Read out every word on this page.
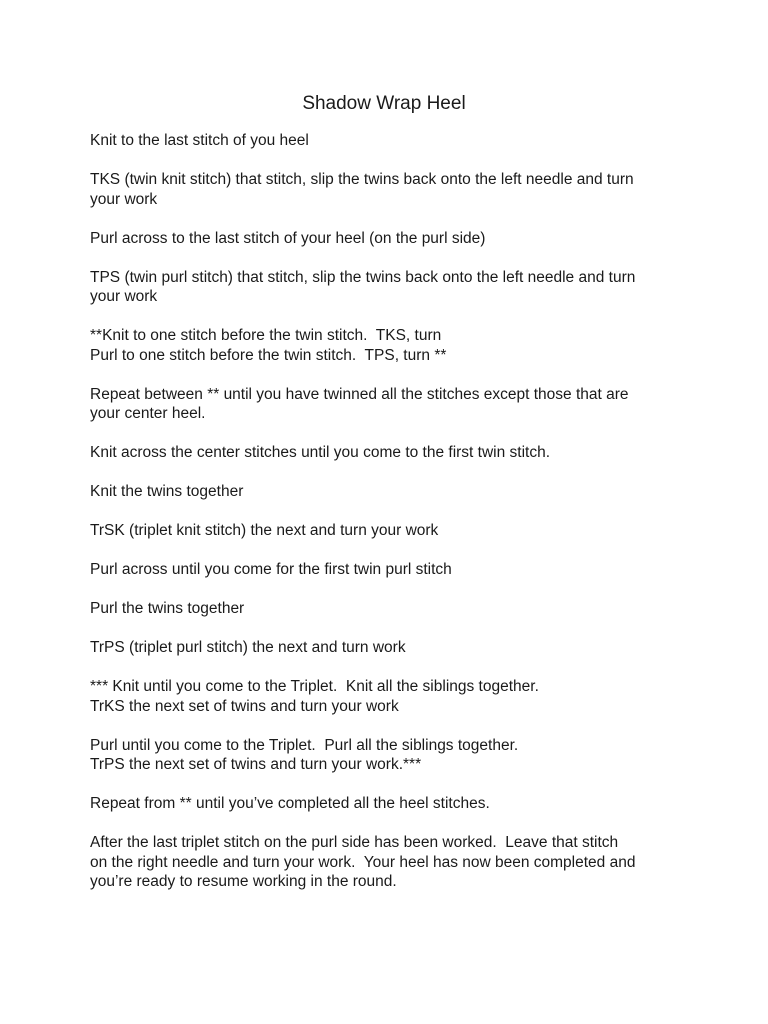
Shadow Wrap Heel

Knit to the last stitch of you heel

TKS (twin knit stitch) that stitch, slip the twins back onto the left needle and turn
your work

Purl across to the last stitch of your heel (on the purl side)

TPS (twin purl stitch) that stitch, slip the twins back onto the left needle and turn
your work

**Knit to one stitch before the twin stitch.  TKS, turn
Purl to one stitch before the twin stitch.  TPS, turn **

Repeat between ** until you have twinned all the stitches except those that are
your center heel.

Knit across the center stitches until you come to the first twin stitch.

Knit the twins together

TrSK (triplet knit stitch) the next and turn your work

Purl across until you come for the first twin purl stitch

Purl the twins together

TrPS (triplet purl stitch) the next and turn work

*** Knit until you come to the Triplet.  Knit all the siblings together.
TrKS the next set of twins and turn your work

Purl until you come to the Triplet.  Purl all the siblings together.
TrPS the next set of twins and turn your work.***

Repeat from ** until you’ve completed all the heel stitches.

After the last triplet stitch on the purl side has been worked.  Leave that stitch
on the right needle and turn your work.  Your heel has now been completed and
you’re ready to resume working in the round.
